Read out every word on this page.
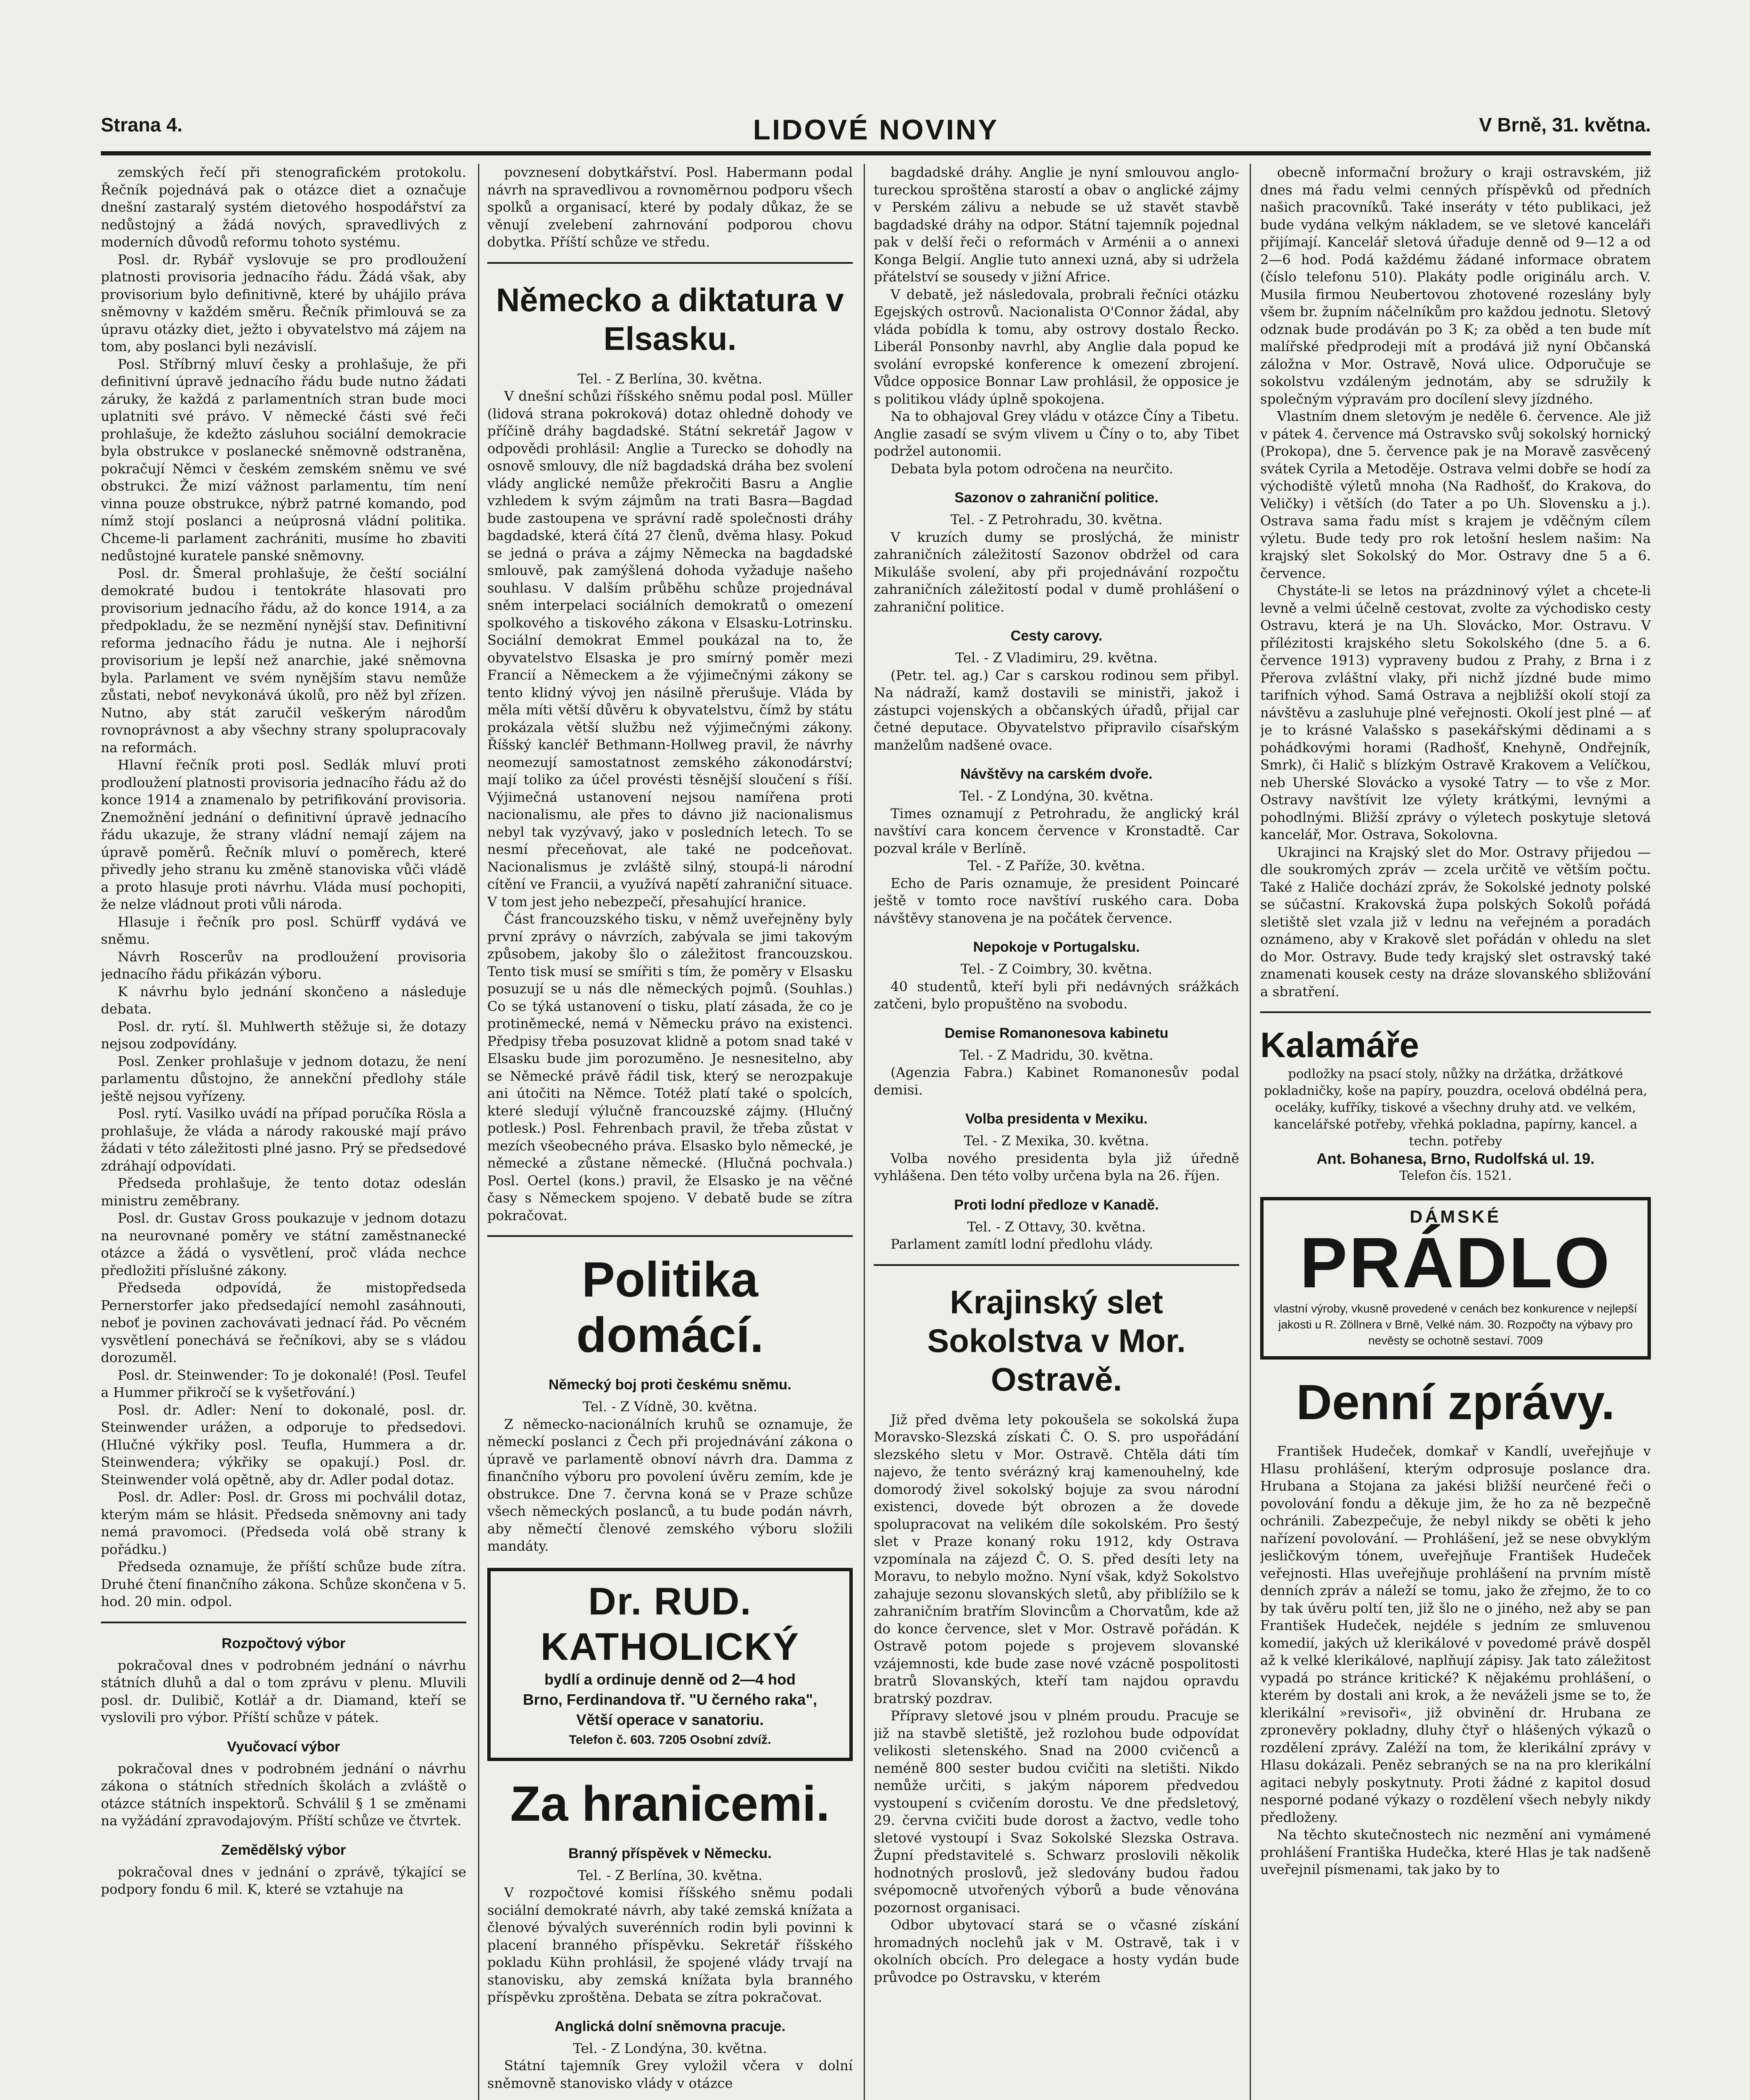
Strana 4.	LIDOVÉ NOVINY	V Brně, 31. května.

zemských řečí při stenografickém protokolu. Řečník pojednává pak o otázce diet a označuje dnešní zastaralý systém dietového hospodářství za nedůstojný a žádá nových, spravedlivých z moderních důvodů reformu tohoto systému.

Posl. dr. Rybář vyslovuje se pro prodloužení platnosti provisoria jednacího řádu. Žádá však, aby provisorium bylo definitivně, které by uhájilo práva sněmovny v každém směru. Řečník přimlouvá se za úpravu otázky diet, ježto i obyvatelstvo má zájem na tom, aby poslanci byli nezávislí.

Posl. Stříbrný mluví česky a prohlašuje, že při definitivní úpravě jednacího řádu bude nutno žádati záruky, že každá z parlamentních stran bude moci uplatniti své právo. V německé části své řeči prohlašuje, že kdežto zásluhou sociální demokracie byla obstrukce v poslanecké sněmovně odstraněna, pokračují Němci v českém zemském sněmu ve své obstrukci. Že mizí vážnost parlamentu, tím není vinna pouze obstrukce, nýbrž patrné komando, pod nímž stojí poslanci a neúprosná vládní politika. Chceme-li parlament zachrániti, musíme ho zbaviti nedůstojné kuratele panské sněmovny.

Posl. dr. Šmeral prohlašuje, že čeští sociální demokraté budou i tentokráte hlasovati pro provisorium jednacího řádu, až do konce 1914, a za předpokladu, že se nezmění nynější stav. Definitivní reforma jednacího řádu je nutna. Ale i nejhorší provisorium je lepší než anarchie, jaké sněmovna byla. Parlament ve svém nynějším stavu nemůže zůstati, neboť nevykonává úkolů, pro něž byl zřízen. Nutno, aby stát zaručil veškerým národům rovnoprávnost a aby všechny strany spolupracovaly na reformách.

Hlavní řečník proti posl. Sedlák mluví proti prodloužení platnosti provisoria jednacího řádu až do konce 1914 a znamenalo by petrifikování provisoria. Znemožnění jednání o definitivní úpravě jednacího řádu ukazuje, že strany vládní nemají zájem na úpravě poměrů. Řečník mluví o poměrech, které přivedly jeho stranu ku změně stanoviska vůči vládě a proto hlasuje proti návrhu. Vláda musí pochopiti, že nelze vládnout proti vůli národa.

Hlasuje i řečník pro posl. Schürff vydává ve sněmu.

Návrh Roscerův na prodloužení provisoria jednacího řádu přikázán výboru.

K návrhu bylo jednání skončeno a následuje debata.

Posl. dr. rytí. šl. Muhlwerth stěžuje si, že dotazy nejsou zodpovídány.

Posl. Zenker prohlašuje v jednom dotazu, že není parlamentu důstojno, že annekční předlohy stále ještě nejsou vyřízeny.

Posl. rytí. Vasilko uvádí na případ poručíka Rösla a prohlašuje, že vláda a národy rakouské mají právo žádati v této záležitosti plné jasno. Prý se předsedové zdráhají odpovídati.

Předseda prohlašuje, že tento dotaz odeslán ministru zeměbrany.

Posl. dr. Gustav Gross poukazuje v jednom dotazu na neurovnané poměry ve státní zaměstnanecké otázce a žádá o vysvětlení, proč vláda nechce předložiti příslušné zákony.

Předseda odpovídá, že mistopředseda Pernerstorfer jako předsedající nemohl zasáhnouti, neboť je povinen zachovávati jednací řád. Po věcném vysvětlení ponechává se řečníkovi, aby se s vládou dorozuměl.

Posl. dr. Steinwender: To je dokonalé! (Posl. Teufel a Hummer přikročí se k vyšetřování.)

Posl. dr. Adler: Není to dokonalé, posl. dr. Steinwender urážen, a odporuje to předsedovi. (Hlučné výkřiky posl. Teufla, Hummera a dr. Steinwendera; výkřiky se opakují.) Posl. dr. Steinwender volá opětně, aby dr. Adler podal dotaz.

Posl. dr. Adler: Posl. dr. Gross mi pochválil dotaz, kterým mám se hlásit. Předseda sněmovny ani tady nemá pravomoci. (Předseda volá obě strany k pořádku.)

Předseda oznamuje, že příští schůze bude zítra. Druhé čtení finančního zákona. Schůze skončena v 5. hod. 20 min. odpol.

Rozpočtový výbor

pokračoval dnes v podrobném jednání o návrhu státních dluhů a dal o tom zprávu v plenu. Mluvili posl. dr. Dulibič, Kotlář a dr. Diamand, kteří se vyslovili pro výbor. Příští schůze v pátek.

Vyučovací výbor

pokračoval dnes v podrobném jednání o návrhu zákona o státních středních školách a zvláště o otázce státních inspektorů. Schválil § 1 se změnami na vyžádání zpravodajovým. Příští schůze ve čtvrtek.

Zemědělský výbor

pokračoval dnes v jednání o zprávě, týkající se podpory fondu 6 mil. K, které se vztahuje na

povznesení dobytkářství. Posl. Habermann podal návrh na spravedlivou a rovnoměrnou podporu všech spolků a organisací, které by podaly důkaz, že se věnují zvelebení zahrnování podporou chovu dobytka. Příští schůze ve středu.

Německo a diktatura v Elsasku.

Tel. - Z Berlína, 30. května.

V dnešní schůzi říšského sněmu podal posl. Müller (lidová strana pokroková) dotaz ohledně dohody ve příčině dráhy bagdadské. Státní sekretář Jagow v odpovědi prohlásil: Anglie a Turecko se dohodly na osnově smlouvy, dle níž bagdadská dráha bez svolení vlády anglické nemůže překročiti Basru a Anglie vzhledem k svým zájmům na trati Basra—Bagdad bude zastoupena ve správní radě společnosti dráhy bagdadské, která čítá 27 členů, dvěma hlasy. Pokud se jedná o práva a zájmy Německa na bagdadské smlouvě, pak zamýšlená dohoda vyžaduje našeho souhlasu. V dalším průběhu schůze projednával sněm interpelaci sociálních demokratů o omezení spolkového a tiskového zákona v Elsasku-Lotrinsku. Sociální demokrat Emmel poukázal na to, že obyvatelstvo Elsaska je pro smírný poměr mezi Francií a Německem a že výjimečnými zákony se tento klidný vývoj jen násilně přerušuje. Vláda by měla míti větší důvěru k obyvatelstvu, čímž by státu prokázala větší službu než výjimečnými zákony. Říšský kancléř Bethmann-Hollweg pravil, že návrhy neomezují samostatnost zemského zákonodárství; mají toliko za účel provésti těsnější sloučení s říší. Výjimečná ustanovení nejsou namířena proti nacionalismu, ale přes to dávno již nacionalismus nebyl tak vyzývavý, jako v posledních letech. To se nesmí přeceňovat, ale také ne podceňovat. Nacionalismus je zvláště silný, stoupá-li národní cítění ve Francii, a využívá napětí zahraniční situace. V tom jest jeho nebezpečí, přesahující hranice.

Část francouzského tisku, v němž uveřejněny byly první zprávy o návrzích, zabývala se jimi takovým způsobem, jakoby šlo o záležitost francouzskou. Tento tisk musí se smířiti s tím, že poměry v Elsasku posuzují se u nás dle německých pojmů. (Souhlas.) Co se týká ustanovení o tisku, platí zásada, že co je protiněmecké, nemá v Německu právo na existenci. Předpisy třeba posuzovat klidně a potom snad také v Elsasku bude jim porozuměno. Je nesnesitelno, aby se Německé právě řádil tisk, který se nerozpakuje ani útočiti na Němce. Totéž platí také o spolcích, které sledují výlučně francouzské zájmy. (Hlučný potlesk.) Posl. Fehrenbach pravil, že třeba zůstat v mezích všeobecného práva. Elsasko bylo německé, je německé a zůstane německé. (Hlučná pochvala.) Posl. Oertel (kons.) pravil, že Elsasko je na věčné časy s Německem spojeno. V debatě bude se zítra pokračovat.

Politika domácí.
Německý boj proti českému sněmu.

Tel. - Z Vídně, 30. května.

Z německo-nacionálních kruhů se oznamuje, že německí poslanci z Čech při projednávání zákona o úpravě ve parlamentě obnoví návrh dra. Dammа z finančního výboru pro povolení úvěru zemím, kde je obstrukce. Dne 7. června koná se v Praze schůze všech německých poslanců, a tu bude podán návrh, aby němečtí členové zemského výboru složili mandáty.

Dr. RUD. KATHOLICKÝ
bydlí a ordinuje denně od 2—4 hod
Brno, Ferdinandova tř. "U černého raka",
Větší operace v sanatoriu.
Telefon č. 603. 7205 Osobní zdvíž.
Za hranicemi.
Branný příspěvek v Německu.

Tel. - Z Berlína, 30. května.

V rozpočtové komisi říšského sněmu podali sociální demokraté návrh, aby také zemská knížata a členové bývalých suverénních rodin byli povinni k placení branného příspěvku. Sekretář říšského pokladu Kühn prohlásil, že spojené vlády trvají na stanovisku, aby zemská knížata byla branného příspěvku zproštěna. Debata se zítra pokračovat.

Anglická dolní sněmovna pracuje.

Tel. - Z Londýna, 30. května.

Státní tajemník Grey vyložil včera v dolní sněmovně stanovisko vlády v otázce

bagdadské dráhy. Anglie je nyní smlouvou anglo-tureckou sproštěna starostí a obav o anglické zájmy v Perském zálivu a nebude se už stavět stavbě bagdadské dráhy na odpor. Státní tajemník pojednal pak v delší řeči o reformách v Arménii a o annexi Konga Belgií. Anglie tuto annexi uzná, aby si udržela přátelství se sousedy v jižní Africe.

V debatě, jež následovala, probrali řečníci otázku Egejských ostrovů. Nacionalista O'Connor žádal, aby vláda pobídla k tomu, aby ostrovy dostalo Řecko. Liberál Ponsonby navrhl, aby Anglie dala popud ke svolání evropské konference k omezení zbrojení. Vůdce opposice Bonnar Law prohlásil, že opposice je s politikou vlády úplně spokojena.

Na to obhajoval Grey vládu v otázce Číny a Tibetu. Anglie zasadí se svým vlivem u Číny o to, aby Tibet podržel autonomii.

Debata byla potom odročena na neurčito.

Sazonov o zahraniční politice.

Tel. - Z Petrohradu, 30. května.

V kruzích dumy se proslýchá, že ministr zahraničních záležitostí Sazonov obdržel od cara Mikuláše svolení, aby při projednávání rozpočtu zahraničních záležitostí podal v dumě prohlášení o zahraniční politice.

Cesty carovy.

Tel. - Z Vladimiru, 29. května.

(Petr. tel. ag.) Car s carskou rodinou sem přibyl. Na nádraží, kamž dostavili se ministři, jakož i zástupci vojenských a občanských úřadů, přijal car četné deputace. Obyvatelstvo připravilo císařským manželům nadšené ovace.

Návštěvy na carském dvoře.

Tel. - Z Londýna, 30. května.

Times oznamují z Petrohradu, že anglický král navštíví cara koncem července v Kronstadtě. Car pozval krále v Berlíně.

Tel. - Z Paříže, 30. května.

Echo de Paris oznamuje, že president Poincaré ještě v tomto roce navštíví ruského cara. Doba návštěvy stanovena je na počátek července.

Nepokoje v Portugalsku.

Tel. - Z Coimbry, 30. května.

40 studentů, kteří byli při nedávných srážkách zatčeni, bylo propuštěno na svobodu.

Demise Romanonesova kabinetu

Tel. - Z Madridu, 30. května.

(Agenzia Fabra.) Kabinet Romanonesův podal demisi.

Volba presidenta v Mexiku.

Tel. - Z Mexika, 30. května.

Volba nového presidenta byla již úředně vyhlášena. Den této volby určena byla na 26. říjen.

Proti lodní předloze v Kanadě.

Tel. - Z Ottavy, 30. května.

Parlament zamítl lodní předlohu vlády.

Krajinský slet Sokolstva v Mor. Ostravě.

Již před dvěma lety pokoušela se sokolská župa Moravsko-Slezská získati Č. O. S. pro uspořádání slezského sletu v Mor. Ostravě. Chtěla dáti tím najevo, že tento svérázný kraj kamenouhelný, kde domorodý živel sokolský bojuje za svou národní existenci, dovede být obrozen a že dovede spolupracovat na velikém díle sokolském. Pro šestý slet v Praze konaný roku 1912, kdy Ostrava vzpomínala na zájezd Č. O. S. před desíti lety na Moravu, to nebylo možno. Nyní však, když Sokolstvo zahajuje sezonu slovanských sletů, aby přiblížilo se k zahraničním bratřím Slovincům a Chorvatům, kde až do konce července, slet v Mor. Ostravě pořádán. K Ostravě potom pojede s projevem slovanské vzájemnosti, kde bude zase nové vzácně pospolitosti bratrů Slovanských, kteří tam najdou opravdu bratrský pozdrav.

Přípravy sletové jsou v plném proudu. Pracuje se již na stavbě sletiště, jež rozlohou bude odpovídat velikosti sletenského. Snad na 2000 cvičenců a neméně 800 sester budou cvičiti na sletišti. Nikdo nemůže určiti, s jakým náporem předvedou vystoupení s cvičením dorostu. Ve dne předsletový, 29. června cvičiti bude dorost a žactvo, vedle toho sletové vystoupí i Svaz Sokolské Slezska Ostrava. Župní představitelé s. Schwarz proslovili několik hodnotných proslovů, jež sledovány budou řadou svépomocně utvořených výborů a bude věnována pozornost organisaci.

Odbor ubytovací stará se o včasné získání hromadných noclehů jak v M. Ostravě, tak i v okolních obcích. Pro delegace a hosty vydán bude průvodce po Ostravsku, v kterém

obecně informační brožury o kraji ostravském, již dnes má řadu velmi cenných příspěvků od předních našich pracovníků. Také inseráty v této publikaci, jež bude vydána velkým nákladem, se ve sletové kanceláři přijímají. Kancelář sletová úřaduje denně od 9—12 a od 2—6 hod. Podá každému žádané informace obratem (číslo telefonu 510). Plakáty podle originálu arch. V. Musila firmou Neubertovou zhotovené rozeslány byly všem br. župním náčelníkům pro každou jednotu. Sletový odznak bude prodáván po 3 K; za oběd a ten bude mít malířské předprodeji mít a prodává již nyní Občanská záložna v Mor. Ostravě, Nová ulice. Odporučuje se sokolstvu vzdáleným jednotám, aby se sdružily k společným výpravám pro docílení slevy jízdného.

Vlastním dnem sletovým je neděle 6. července. Ale již v pátek 4. července má Ostravsko svůj sokolský hornický (Prokopa), dne 5. července pak je na Moravě zasvěcený svátek Cyrila a Metoděje. Ostrava velmi dobře se hodí za východiště výletů mnoha (Na Radhošť, do Krakova, do Veličky) i větších (do Tater a po Uh. Slovensku a j.). Ostrava sama řadu míst s krajem je vděčným cílem výletu. Bude tedy pro rok letošní heslem našim: Na krajský slet Sokolský do Mor. Ostravy dne 5 a 6. července.

Chystáte-li se letos na prázdninový výlet a chcete-li levně a velmi účelně cestovat, zvolte za východisko cesty Ostravu, která je na Uh. Slovácko, Mor. Ostravu. V přílézitosti krajského sletu Sokolského (dne 5. a 6. července 1913) vypraveny budou z Prahy, z Brna i z Přerova zvláštní vlaky, při nichž jízdné bude mimo tarifních výhod. Samá Ostrava a nejbližší okolí stojí za návštěvu a zasluhuje plné veřejnosti. Okolí jest plné — ať je to krásné Valašsko s pasekářskými dědinami a s pohádkovými horami (Radhošť, Knehyně, Ondřejník, Smrk), či Halič s blízkým Ostravě Krakovem a Velíčkou, neb Uherské Slovácko a vysoké Tatry — to vše z Mor. Ostravy navštívit lze výlety krátkými, levnými a pohodlnými. Bližší zprávy o výletech poskytuje sletová kancelář, Mor. Ostrava, Sokolovna.

Ukrajinci na Krajský slet do Mor. Ostravy přijedou — dle soukromých zpráv — zcela určitě ve větším počtu. Také z Haliče dochází zpráv, že Sokolské jednoty polské se súčastní. Krakovská župa polských Sokolů pořádá sletiště slet vzala již v lednu na veřejném a poradách oznámeno, aby v Krakově slet pořádán v ohledu na slet do Mor. Ostravy. Bude tedy krajský slet ostravský také znamenati kousek cesty na dráze slovanského sbližování a sbratření.

Kalamáře
podložky na psací stoly, nůžky na držátka, držátkové pokladničky, koše na papíry, pouzdra, ocelová obdélná pera, oceláky, kufříky, tiskové a všechny druhy atd. ve velkém, kancelářské potřeby, vřehká pokladna, papírny, kancel. a techn. potřeby
Ant. Bohanesa, Brno, Rudolfská ul. 19.
Telefon čís. 1521.
DÁMSKÉ
PRÁDLO
vlastní výroby, vkusně provedené v cenách bez konkurence v nejlepší jakosti u R. Zöllnera v Brně, Velké nám. 30. Rozpočty na výbavy pro nevěsty se ochotně sestaví. 7009
Denní zprávy.

František Hudeček, domkař v Kandlí, uveřejňuje v Hlasu prohlášení, kterým odprosuje poslance dra. Hrubana a Stojana za jakési bližší neurčené řeči o povolování fondu a děkuje jim, že ho za ně bezpečně ochránili. Zabezpečuje, že nebyl nikdy se oběti k jeho nařízení povolování. — Prohlášení, jež se nese obvyklým jesličkovým tónem, uveřejňuje František Hudeček veřejnosti. Hlas uveřejňuje prohlášení na prvním místě denních zpráv a náleží se tomu, jako že zřejmo, že to co by tak úvěru poltí ten, již šlo ne o jiného, než aby se pan František Hudeček, nejdéle s jedním ze smluvenou komedií, jakých už klerikálové v povedomé právě dospěl až k velké klerikálové, naplňují zápisy. Jak tato záležitost vypadá po stránce kritické? K nějakému prohlášení, o kterém by dostali ani krok, a že neváželi jsme se to, že klerikální »revisoři«, již obvinění dr. Hrubana ze zpronevěry pokladny, dluhy čtyř o hlášených výkazů o rozdělení zprávy. Zaléží na tom, že klerikální zprávy v Hlasu dokázali. Peněz sebraných se na na pro klerikální agitaci nebyly poskytnuty. Proti žádné z kapitol dosud nesporné podané výkazy o rozdělení všech nebyly nikdy předloženy.

Na těchto skutečnostech nic nezmění ani vymámené prohlášení Františka Hudečka, které Hlas je tak nadšeně uveřejnil písmenami, tak jako by to
